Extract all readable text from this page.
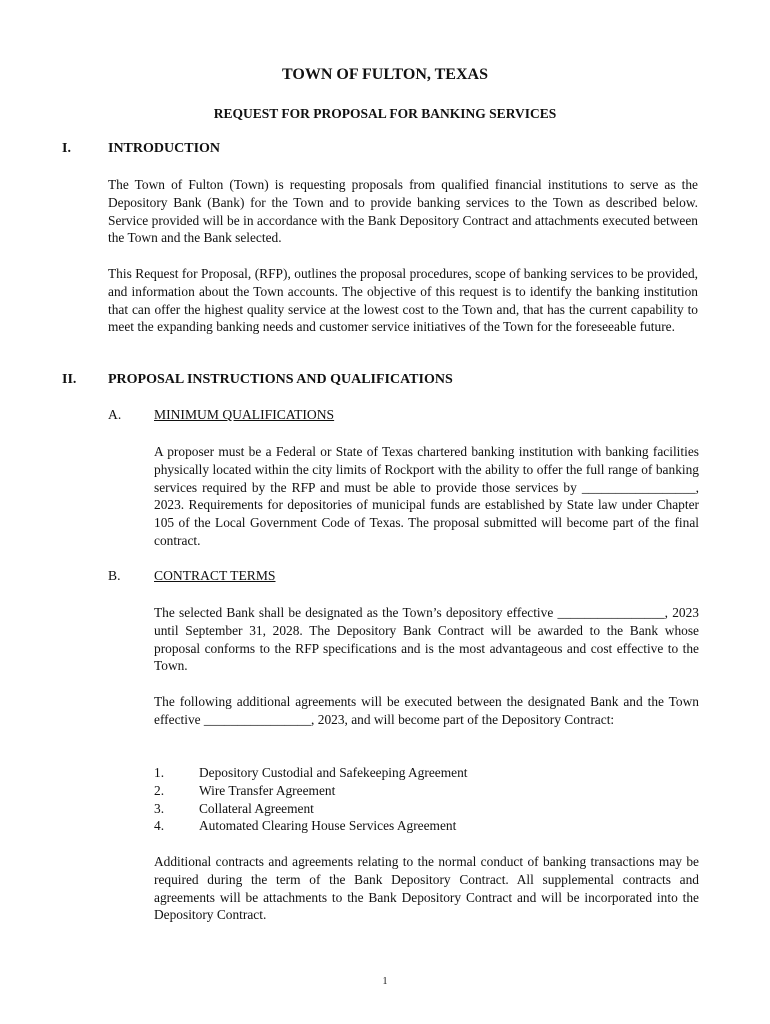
TOWN OF FULTON, TEXAS
REQUEST FOR PROPOSAL FOR BANKING SERVICES
I.	INTRODUCTION

The Town of Fulton (Town) is requesting proposals from qualified financial institutions to serve as the Depository Bank (Bank) for the Town and to provide banking services to the Town as described below. Service provided will be in accordance with the Bank Depository Contract and attachments executed between the Town and the Bank selected.

This Request for Proposal, (RFP), outlines the proposal procedures, scope of banking services to be provided, and information about the Town accounts. The objective of this request is to identify the banking institution that can offer the highest quality service at the lowest cost to the Town and, that has the current capability to meet the expanding banking needs and customer service initiatives of the Town for the foreseeable future.

II. PROPOSAL INSTRUCTIONS AND QUALIFICATIONS
A. MINIMUM QUALIFICATIONS

A proposer must be a Federal or State of Texas chartered banking institution with banking facilities physically located within the city limits of Rockport with the ability to offer the full range of banking services required by the RFP and must be able to provide those services by _________________, 2023. Requirements for depositories of municipal funds are established by State law under Chapter 105 of the Local Government Code of Texas. The proposal submitted will become part of the final contract.

B. CONTRACT TERMS

The selected Bank shall be designated as the Town’s depository effective ________________, 2023 until September 31, 2028. The Depository Bank Contract will be awarded to the Bank whose proposal conforms to the RFP specifications and is the most advantageous and cost effective to the Town.

The following additional agreements will be executed between the designated Bank and the Town effective ________________, 2023, and will become part of the Depository Contract:

1.	Depository Custodial and Safekeeping Agreement
2.	Wire Transfer Agreement
3.	Collateral Agreement
4.	Automated Clearing House Services Agreement

Additional contracts and agreements relating to the normal conduct of banking transactions may be required during the term of the Bank Depository Contract. All supplemental contracts and agreements will be attachments to the Bank Depository Contract and will be incorporated into the Depository Contract.

1
